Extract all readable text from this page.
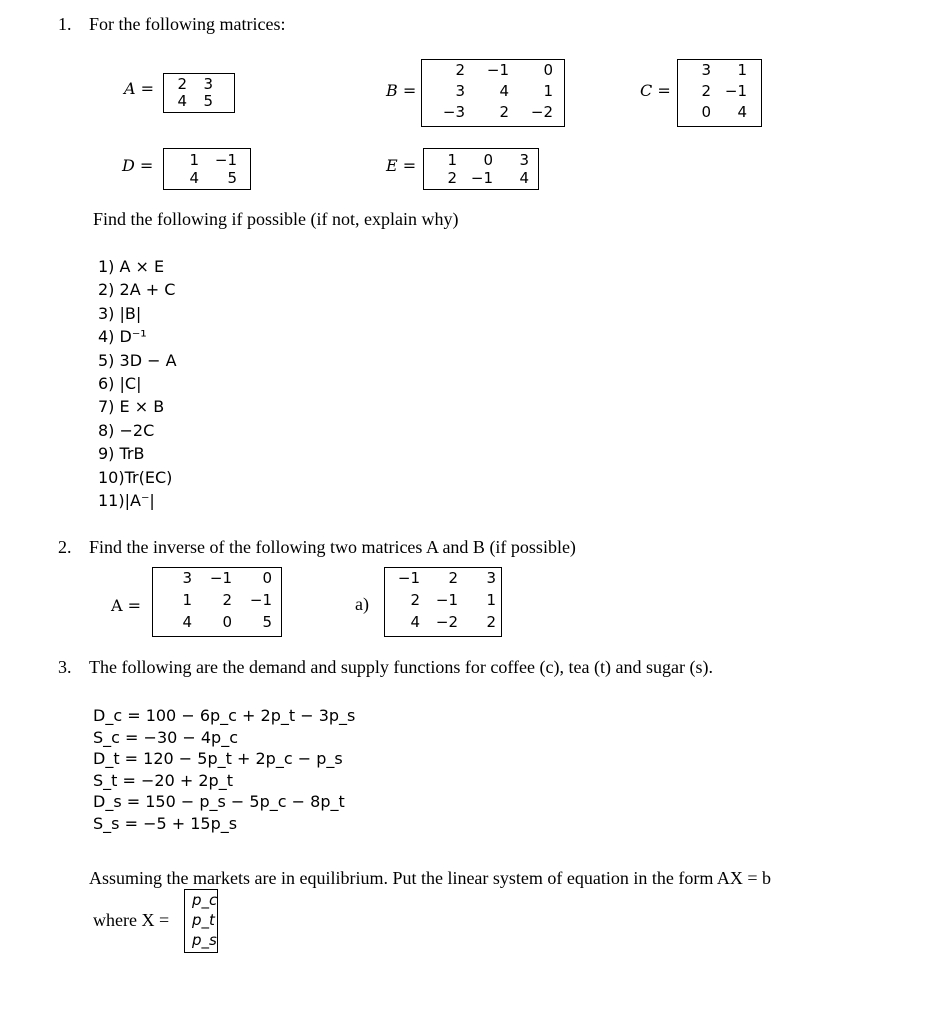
1. For the following matrices:
A =	2	3
4	5
B =
2	−1	0
3	4	1
−3	2	−2
C =
3	1
2 −1
0	4
D =	1	−1
4	5
E =	1	0	3
2 −1	4
Find the following if possible (if not, explain why)
1) A × E
2) 2A + C
3) |B|
4) D⁻¹
5) 3D − A
6) |C|
7) E × B
8) −2C
9) TrB
10)Tr(EC)
11)|A⁻|
2. Find the inverse of the following two matrices A and B (if possible)
A =
3	−1	0
1	2	−1
4	0	5
a)
−1	2	3
2	−1	1
4	−2	2
3. The following are the demand and supply functions for coffee (c), tea (t) and sugar (s).
D_c = 100 − 6p_c + 2p_t − 3p_s
S_c = −30 − 4p_c
D_t = 120 − 5p_t + 2p_c − p_s
S_t = −20 + 2p_t
D_s = 150 − p_s − 5p_c − 8p_t
S_s = −5 + 15p_s
Assuming the markets are in equilibrium. Put the linear system of equation in the form AX = b
where X =
p_c
p_t
p_s
